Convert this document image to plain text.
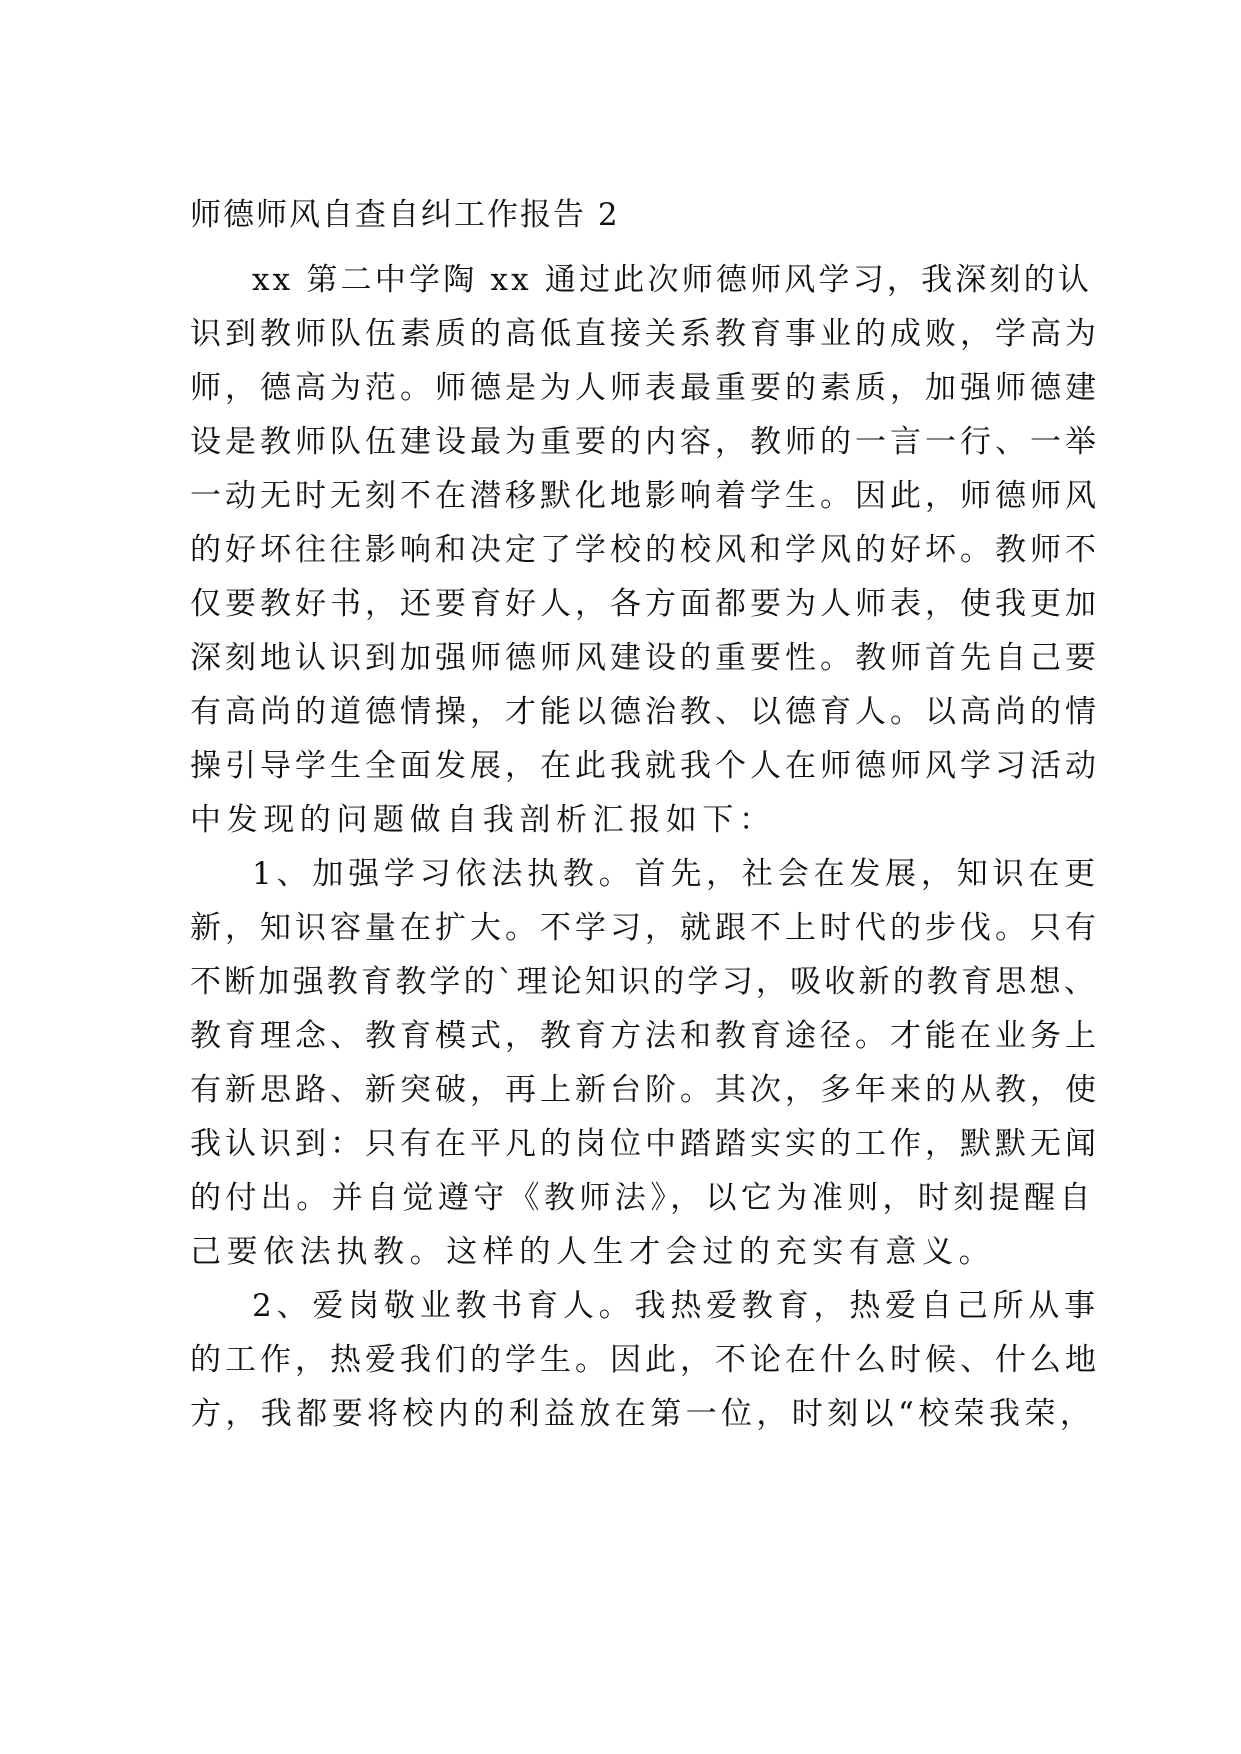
师德师风自查自纠工作报告 2

xx 第二中学陶 xx 通过此次师德师风学习，我深刻的认

识到教师队伍素质的高低直接关系教育事业的成败，学高为

师，德高为范。师德是为人师表最重要的素质，加强师德建

设是教师队伍建设最为重要的内容，教师的一言一行、一举

一动无时无刻不在潜移默化地影响着学生。因此，师德师风

的好坏往往影响和决定了学校的校风和学风的好坏。教师不

仅要教好书，还要育好人，各方面都要为人师表，使我更加

深刻地认识到加强师德师风建设的重要性。教师首先自己要

有高尚的道德情操，才能以德治教、以德育人。以高尚的情

操引导学生全面发展，在此我就我个人在师德师风学习活动

中发现的问题做自我剖析汇报如下：

1、加强学习依法执教。首先，社会在发展，知识在更

新，知识容量在扩大。不学习，就跟不上时代的步伐。只有

不断加强教育教学的`理论知识的学习，吸收新的教育思想、

教育理念、教育模式，教育方法和教育途径。才能在业务上

有新思路、新突破，再上新台阶。其次，多年来的从教，使

我认识到：只有在平凡的岗位中踏踏实实的工作，默默无闻

的付出。并自觉遵守《教师法》，以它为准则，时刻提醒自

己要依法执教。这样的人生才会过的充实有意义。

2、爱岗敬业教书育人。我热爱教育，热爱自己所从事

的工作，热爱我们的学生。因此，不论在什么时候、什么地

方，我都要将校内的利益放在第一位，时刻以“校荣我荣，
